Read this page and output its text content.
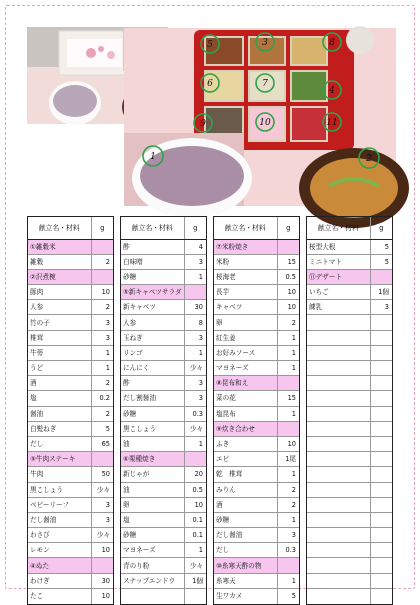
5	3	8
6	7
4
9	10	11
1	2
献立名・材料	g
①雑穀米	
雑穀	2
②沢煮椀	
豚肉	10
人参	2
竹の子	3
椎茸	3
牛蒡	1
うど	1
酒	2
塩	0.2
醤油	2
白髪ねぎ	5
だし	65
③牛肉ステーキ	
牛肉	50
黒こしょう	少々
ベビーリーフ	3
だし醤油	3
わさび	少々
レモン	10
④ぬた	
わけぎ	30
たこ	10
献立名・材料	g
酢	4
白味噌	3
砂糖	1
⑤新キャベツサラダ	
新キャベツ	30
人参	8
玉ねぎ	3
リンゴ	1
にんにく	少々
酢	3
だし割醤油	3
砂糖	0.3
黒こしょう	少々
油	1
⑥栗種焼き	
新じゃが	20
油	0.5
卵	10
塩	0.1
砂糖	0.1
マヨネーズ	1
青のり粉	少々
スナップエンドウ	1個

献立名・材料	g
⑦米粉焼き	
米粉	15
桜海老	0.5
長芋	10
キャベツ	10
卵	2
紅生姜	1
お好みソース	1
マヨネーズ	1
⑧昆布和え	
菜の花	15
塩昆布	1
⑨炊き合わせ	
ふき	10
エビ	1尾
乾　椎茸	1
みりん	2
酒	2
砂糖	1
だし醤油	3
だし	0.3
⑩糸寒天酢の物	
糸寒天	1
生ワカメ	5
献立名・材料	g
桜型大根	5
ミニトマト	5
⑪デザート	
いちご	1個
練乳	3
